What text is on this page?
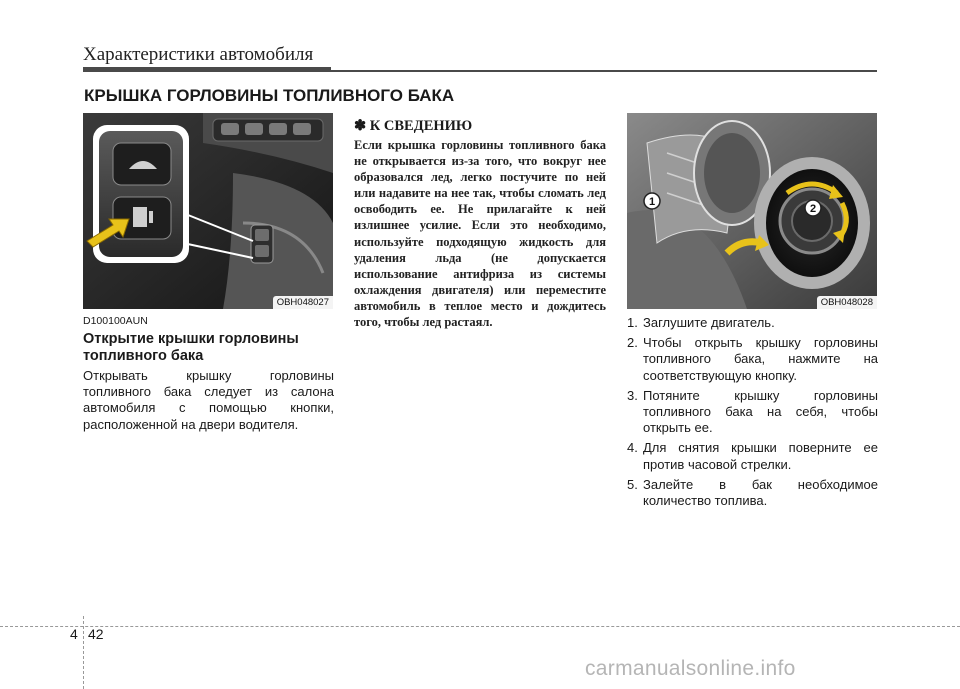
Характеристики автомобиля
КРЫШКА ГОРЛОВИНЫ ТОПЛИВНОГО БАКА
OBH048027
D100100AUN
Открытие крышки горловины топливного бака
Открывать крышку горловины топливного бака следует из салона автомобиля с помощью кнопки, расположенной на двери водителя.
✽ К СВЕДЕНИЮ
Если крышка горловины топливного бака не открывается из-за того, что вокруг нее образовался лед, легко постучите по ней или надавите на нее так, чтобы сломать лед освободить ее. Не прилагайте к ней излишнее усилие. Если это необходимо, используйте подходящую жидкость для удаления льда (не допускается использование антифриза из системы охлаждения двигателя) или переместите автомобиль в теплое место и дождитесь того, чтобы лед растаял.
1
2
OBH048028
1. Заглушите двигатель.
2. Чтобы открыть крышку горловины топливного бака, нажмите на соответствующую кнопку.
3. Потяните крышку горловины топливного бака на себя, чтобы открыть ее.
4. Для снятия крышки поверните ее против часовой стрелки.
5. Залейте в бак необходимое количество топлива.
4 42
carmanualsonline.info
